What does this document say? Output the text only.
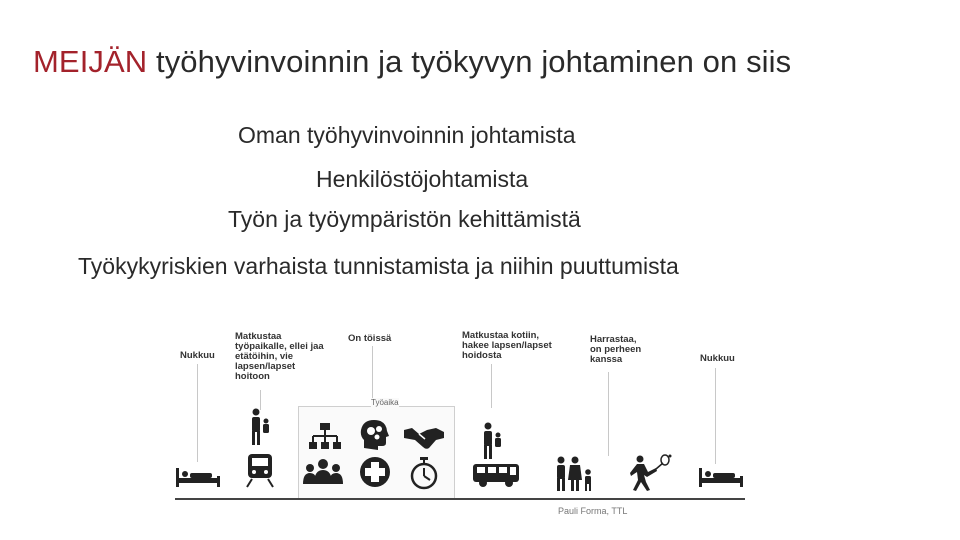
MEIJÄN työhyvinvoinnin ja työkyvyn johtaminen on siis
Oman työhyvinvoinnin johtamista
Henkilöstöjohtamista
Työn ja työympäristön kehittämistä
Työkykyriskien varhaista tunnistamista ja niihin puuttumista
Nukkuu
Matkustaa
työpaikalle, ellei jaa
etätöihin, vie
lapsen/lapset
hoitoon
On töissä	Matkustaa kotiin,
hakee lapsen/lapset
hoidosta
Harrastaa,
on perheen
kanssa	Nukkuu
Työaika
Pauli Forma, TTL
